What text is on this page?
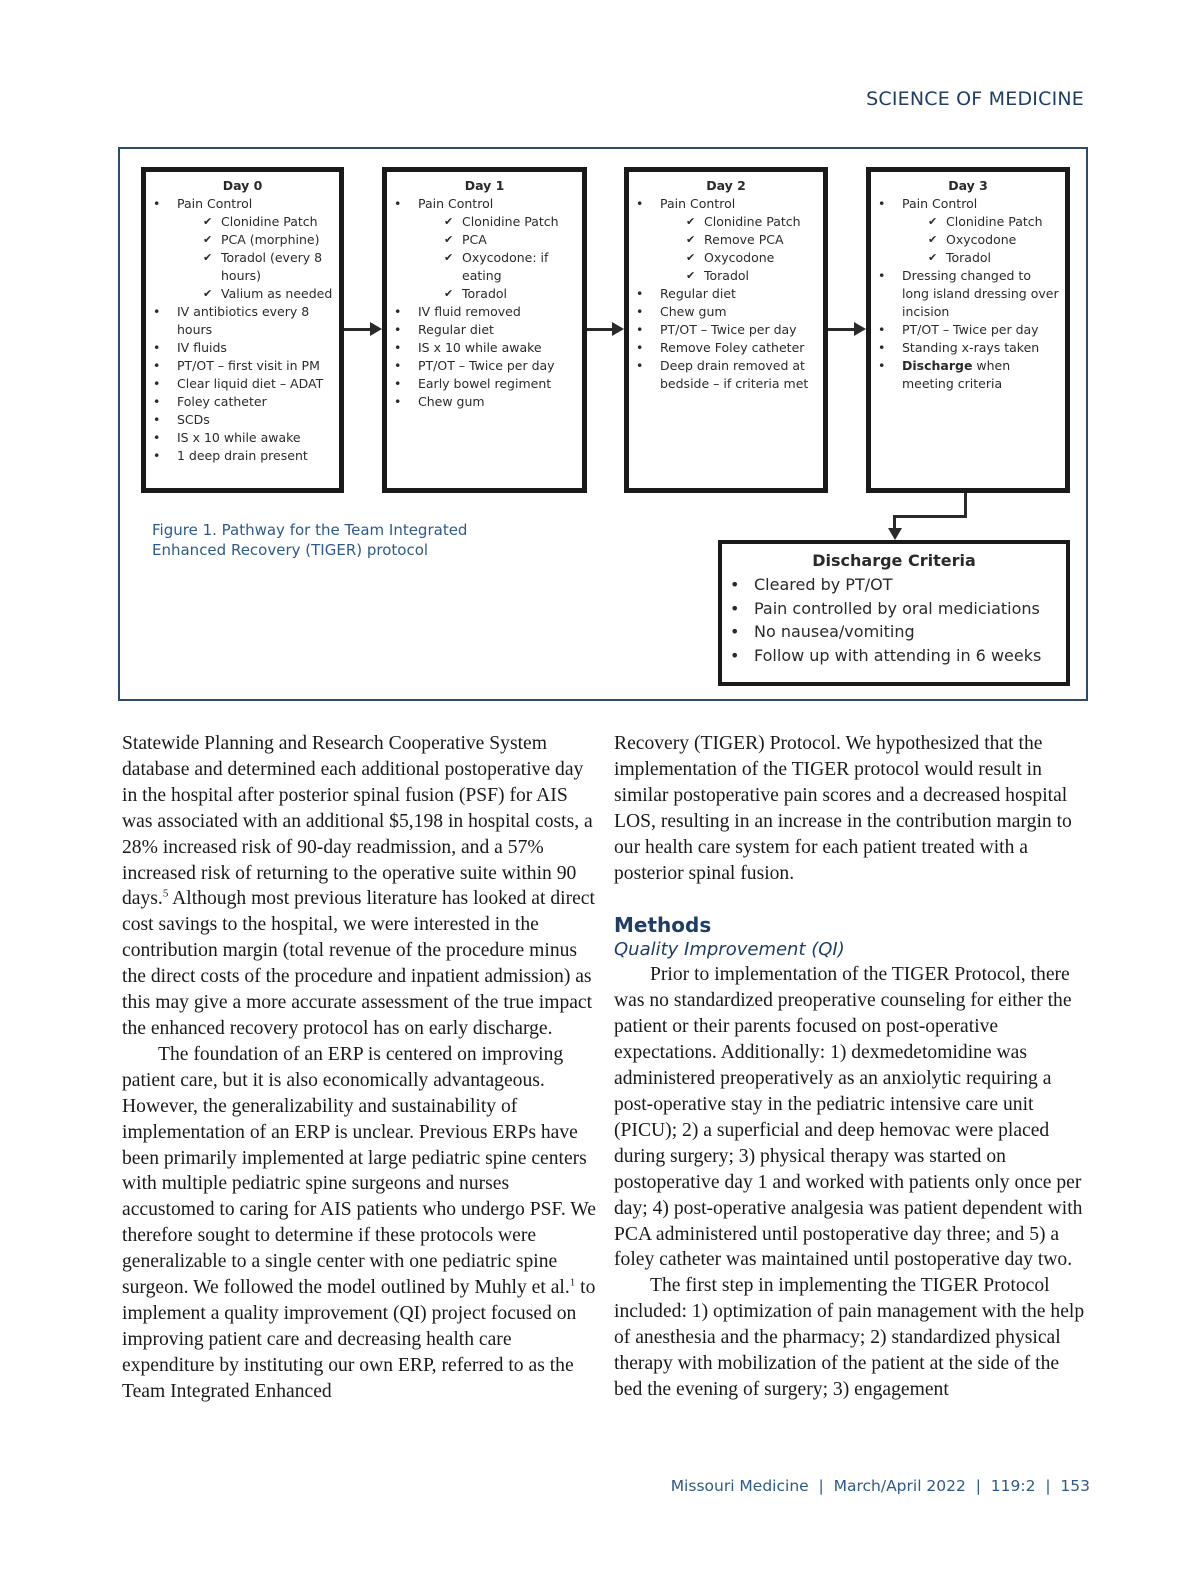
SCIENCE OF MEDICINE
Day 0
• Pain Control
✔ Clonidine Patch
✔ PCA (morphine)
✔ Toradol (every 8 hours)
✔ Valium as needed
• IV antibiotics every 8 hours
• IV fluids
• PT/OT – first visit in PM
• Clear liquid diet – ADAT
• Foley catheter
• SCDs
• IS x 10 while awake
• 1 deep drain present
Day 1
• Pain Control
✔ Clonidine Patch
✔ PCA
✔ Oxycodone: if eating
✔ Toradol
• IV fluid removed
• Regular diet
• IS x 10 while awake
• PT/OT – Twice per day
• Early bowel regiment
• Chew gum
Day 2
• Pain Control
✔ Clonidine Patch
✔ Remove PCA
✔ Oxycodone
✔ Toradol
• Regular diet
• Chew gum
• PT/OT – Twice per day
• Remove Foley catheter
• Deep drain removed at bedside – if criteria met
Day 3
• Pain Control
✔ Clonidine Patch
✔ Oxycodone
✔ Toradol
• Dressing changed to long island dressing over incision
• PT/OT – Twice per day
• Standing x-rays taken
• Discharge when meeting criteria
Figure 1. Pathway for the Team Integrated Enhanced Recovery (TIGER) protocol
Discharge Criteria
• Cleared by PT/OT
• Pain controlled by oral mediciations
• No nausea/vomiting
• Follow up with attending in 6 weeks

Statewide Planning and Research Cooperative System database and determined each additional postoperative day in the hospital after posterior spinal fusion (PSF) for AIS was associated with an additional $5,198 in hospital costs, a 28% increased risk of 90-day readmission, and a 57% increased risk of returning to the operative suite within 90 days.$^5$ Although most previous literature has looked at direct cost savings to the hospital, we were interested in the contribution margin (total revenue of the procedure minus the direct costs of the procedure and inpatient admission) as this may give a more accurate assessment of the true impact the enhanced recovery protocol has on early discharge.

The foundation of an ERP is centered on improving patient care, but it is also economically advantageous. However, the generalizability and sustainability of implementation of an ERP is unclear. Previous ERPs have been primarily implemented at large pediatric spine centers with multiple pediatric spine surgeons and nurses accustomed to caring for AIS patients who undergo PSF. We therefore sought to determine if these protocols were generalizable to a single center with one pediatric spine surgeon. We followed the model outlined by Muhly et al.$^1$ to implement a quality improvement (QI) project focused on improving patient care and decreasing health care expenditure by instituting our own ERP, referred to as the Team Integrated Enhanced

Recovery (TIGER) Protocol. We hypothesized that the implementation of the TIGER protocol would result in similar postoperative pain scores and a decreased hospital LOS, resulting in an increase in the contribution margin to our health care system for each patient treated with a posterior spinal fusion.

Methods
Quality Improvement (QI)

Prior to implementation of the TIGER Protocol, there was no standardized preoperative counseling for either the patient or their parents focused on post-operative expectations. Additionally: 1) dexmedetomidine was administered preoperatively as an anxiolytic requiring a post-operative stay in the pediatric intensive care unit (PICU); 2) a superficial and deep hemovac were placed during surgery; 3) physical therapy was started on postoperative day 1 and worked with patients only once per day; 4) post-operative analgesia was patient dependent with PCA administered until postoperative day three; and 5) a foley catheter was maintained until postoperative day two.

The first step in implementing the TIGER Protocol included: 1) optimization of pain management with the help of anesthesia and the pharmacy; 2) standardized physical therapy with mobilization of the patient at the side of the bed the evening of surgery; 3) engagement

Missouri Medicine  |  March/April 2022  |  119:2  |  153
